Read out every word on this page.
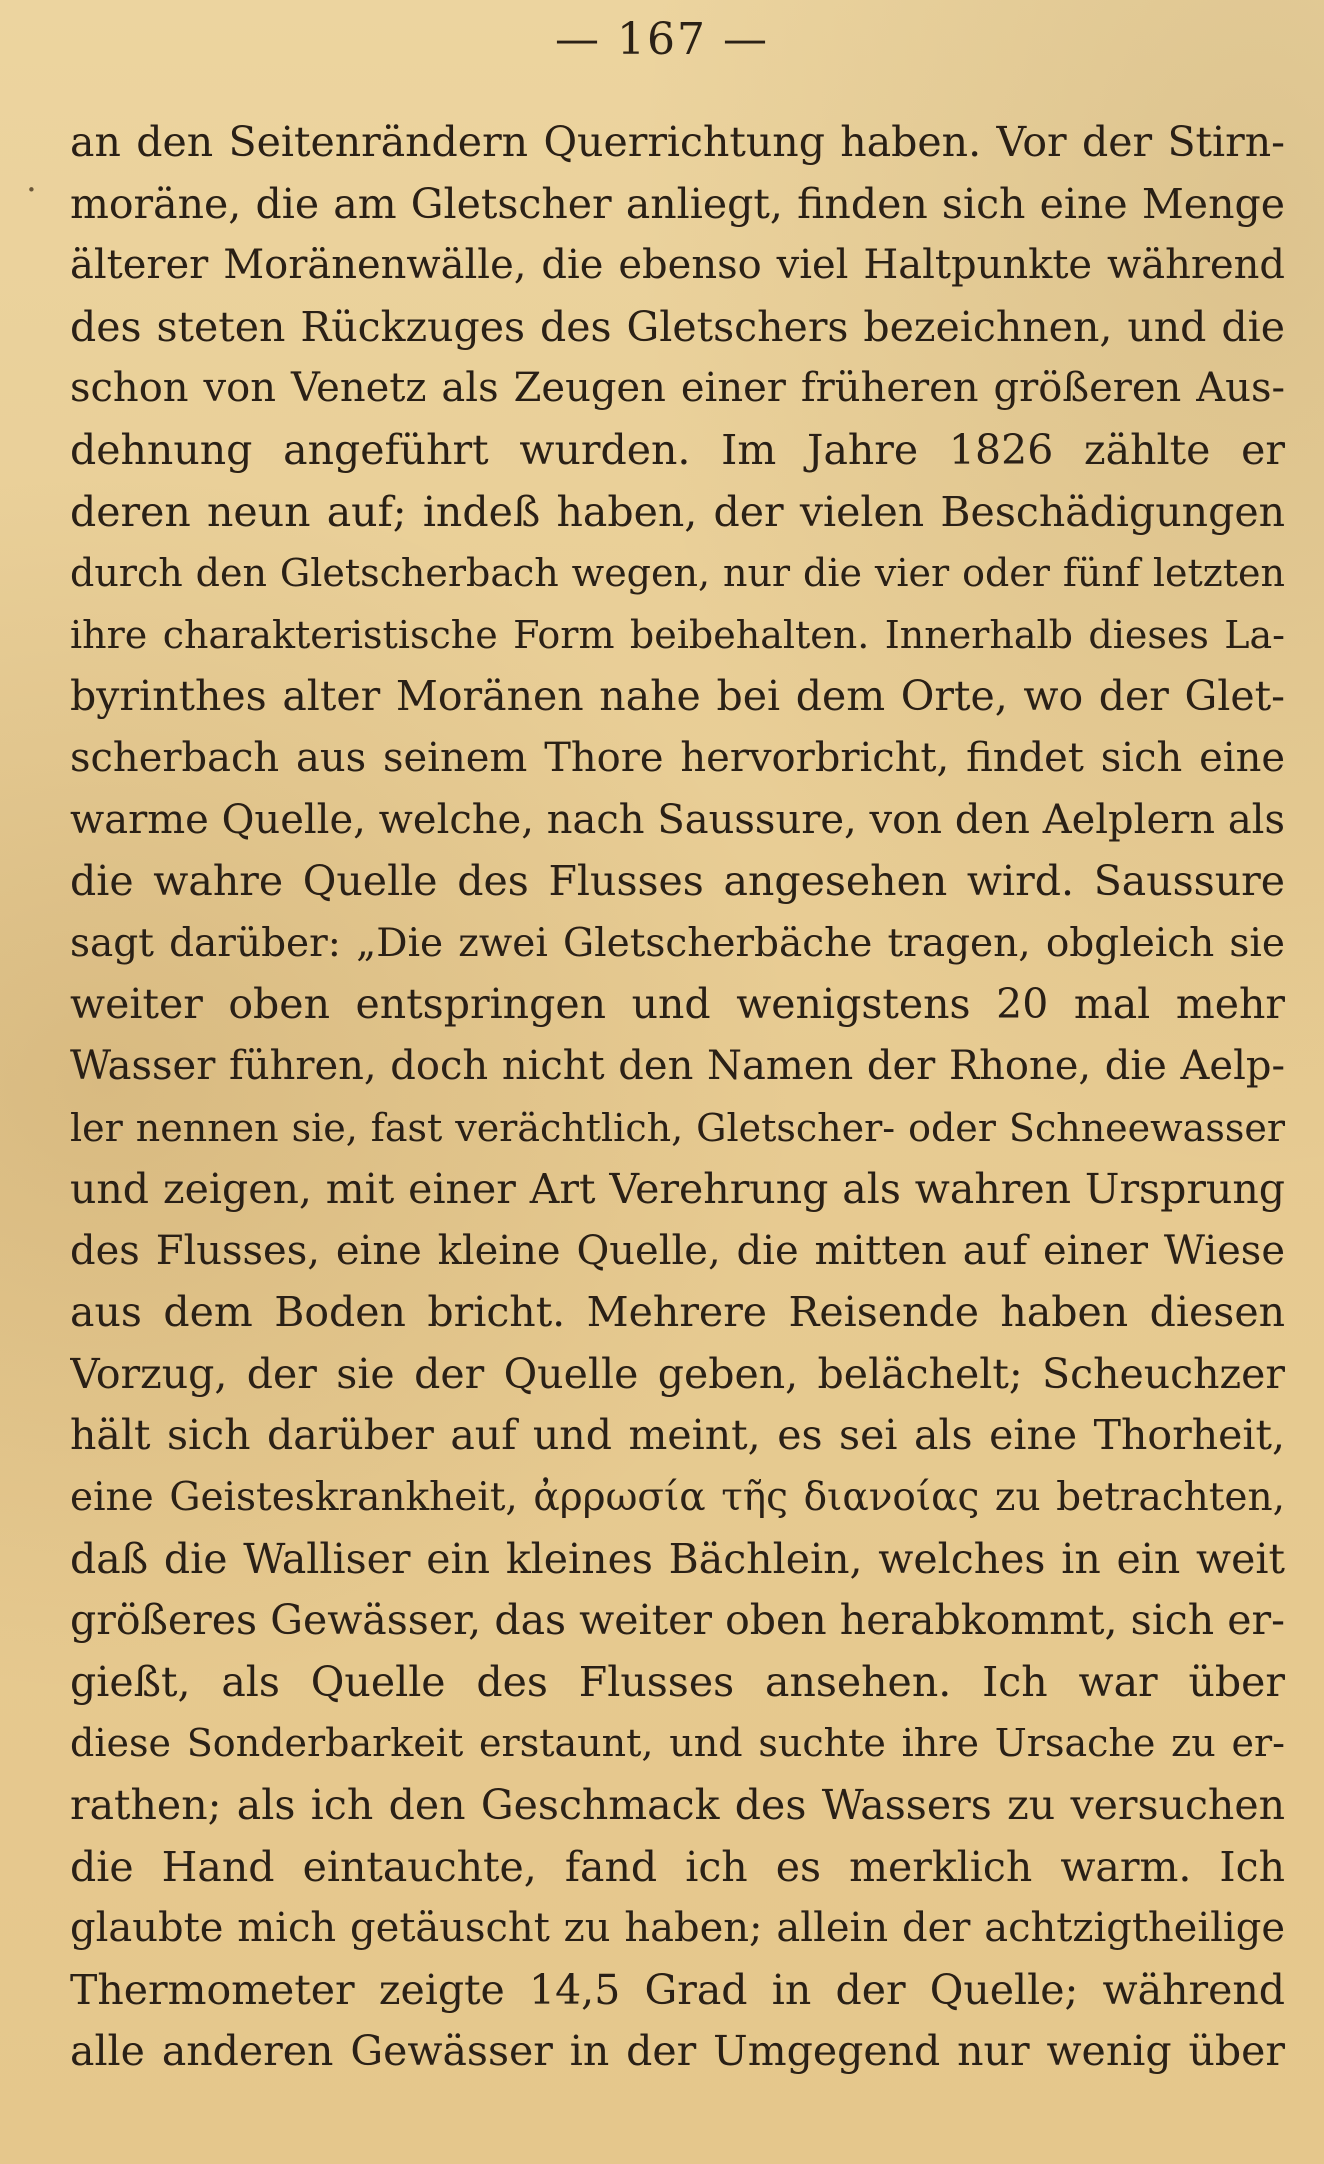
— 167 —
.
an den Seitenrändern Querrichtung haben. Vor der Stirn-
moräne, die am Gletscher anliegt, finden sich eine Menge
älterer Moränenwälle, die ebenso viel Haltpunkte während
des steten Rückzuges des Gletschers bezeichnen, und die
schon von Venetz als Zeugen einer früheren größeren Aus-
dehnung angeführt wurden. Im Jahre 1826 zählte er
deren neun auf; indeß haben, der vielen Beschädigungen
durch den Gletscherbach wegen, nur die vier oder fünf letzten
ihre charakteristische Form beibehalten. Innerhalb dieses La-
byrinthes alter Moränen nahe bei dem Orte, wo der Glet-
scherbach aus seinem Thore hervorbricht, findet sich eine
warme Quelle, welche, nach Saussure, von den Aelplern als
die wahre Quelle des Flusses angesehen wird. Saussure
sagt darüber: „Die zwei Gletscherbäche tragen, obgleich sie
weiter oben entspringen und wenigstens 20 mal mehr
Wasser führen, doch nicht den Namen der Rhone, die Aelp-
ler nennen sie, fast verächtlich, Gletscher- oder Schneewasser
und zeigen, mit einer Art Verehrung als wahren Ursprung
des Flusses, eine kleine Quelle, die mitten auf einer Wiese
aus dem Boden bricht. Mehrere Reisende haben diesen
Vorzug, der sie der Quelle geben, belächelt; Scheuchzer
hält sich darüber auf und meint, es sei als eine Thorheit,
eine Geisteskrankheit, ἀρρωσία τῆς διανοίας zu betrachten,
daß die Walliser ein kleines Bächlein, welches in ein weit
größeres Gewässer, das weiter oben herabkommt, sich er-
gießt, als Quelle des Flusses ansehen. Ich war über
diese Sonderbarkeit erstaunt, und suchte ihre Ursache zu er-
rathen; als ich den Geschmack des Wassers zu versuchen
die Hand eintauchte, fand ich es merklich warm. Ich
glaubte mich getäuscht zu haben; allein der achtzigtheilige
Thermometer zeigte 14,5 Grad in der Quelle; während
alle anderen Gewässer in der Umgegend nur wenig über
